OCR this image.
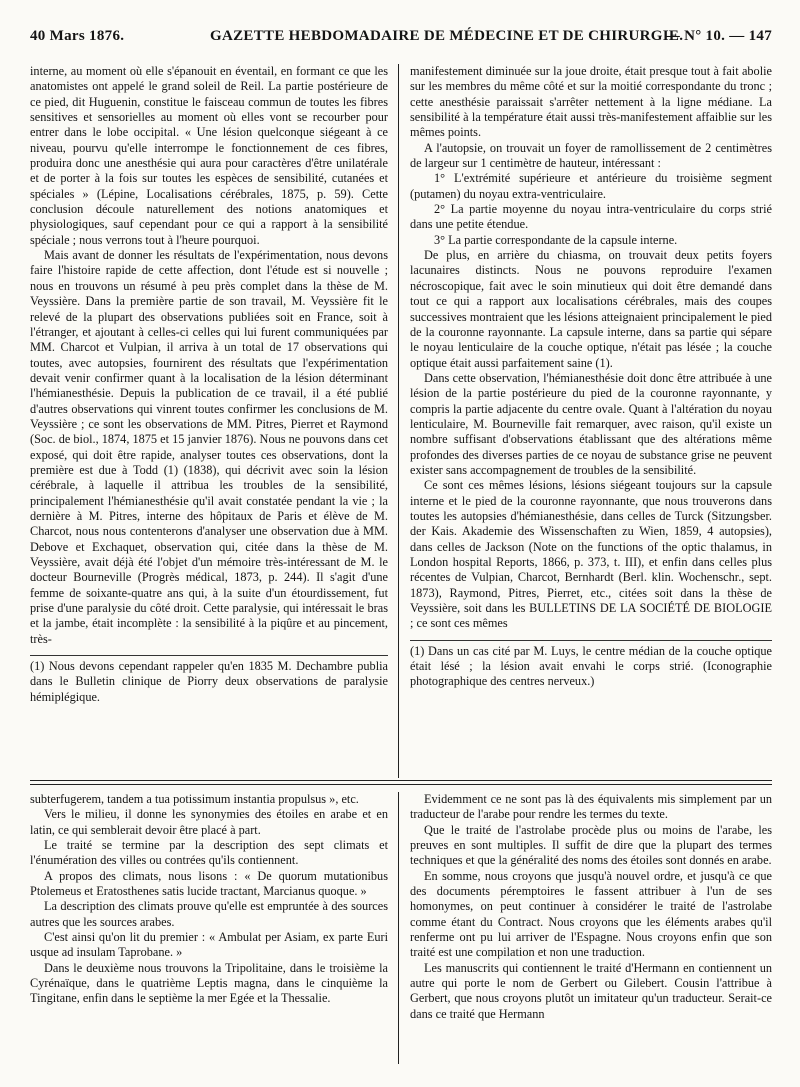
40 Mars 1876.	GAZETTE HEBDOMADAIRE DE MÉDECINE ET DE CHIRURGIE.
— N° 10. — 147

interne, au moment où elle s'épanouit en éventail, en formant ce que les anatomistes ont appelé le grand soleil de Reil. La partie postérieure de ce pied, dit Huguenin, constitue le faisceau commun de toutes les fibres sensitives et sensorielles au moment où elles vont se recourber pour entrer dans le lobe occipital. « Une lésion quelconque siégeant à ce niveau, pourvu qu'elle interrompe le fonctionnement de ces fibres, produira donc une anesthésie qui aura pour caractères d'être unilatérale et de porter à la fois sur toutes les espèces de sensibilité, cutanées et spéciales » (Lépine, Localisations cérébrales, 1875, p. 59). Cette conclusion découle naturellement des notions anatomiques et physiologiques, sauf cependant pour ce qui a rapport à la sensibilité spéciale ; nous verrons tout à l'heure pourquoi.

Mais avant de donner les résultats de l'expérimentation, nous devons faire l'histoire rapide de cette affection, dont l'étude est si nouvelle ; nous en trouvons un résumé à peu près complet dans la thèse de M. Veyssière. Dans la première partie de son travail, M. Veyssière fit le relevé de la plupart des observations publiées soit en France, soit à l'étranger, et ajoutant à celles-ci celles qui lui furent communiquées par MM. Charcot et Vulpian, il arriva à un total de 17 observations qui toutes, avec autopsies, fournirent des résultats que l'expérimentation devait venir confirmer quant à la localisation de la lésion déterminant l'hémianesthésie. Depuis la publication de ce travail, il a été publié d'autres observations qui vinrent toutes confirmer les conclusions de M. Veyssière ; ce sont les observations de MM. Pitres, Pierret et Raymond (Soc. de biol., 1874, 1875 et 15 janvier 1876). Nous ne pouvons dans cet exposé, qui doit être rapide, analyser toutes ces observations, dont la première est due à Todd (1) (1838), qui décrivit avec soin la lésion cérébrale, à laquelle il attribua les troubles de la sensibilité, principalement l'hémianesthésie qu'il avait constatée pendant la vie ; la dernière à M. Pitres, interne des hôpitaux de Paris et élève de M. Charcot, nous nous contenterons d'analyser une observation due à MM. Debove et Exchaquet, observation qui, citée dans la thèse de M. Veyssière, avait déjà été l'objet d'un mémoire très-intéressant de M. le docteur Bourneville (Progrès médical, 1873, p. 244). Il s'agit d'une femme de soixante-quatre ans qui, à la suite d'un étourdissement, fut prise d'une paralysie du côté droit. Cette paralysie, qui intéressait le bras et la jambe, était incomplète : la sensibilité à la piqûre et au pincement, très-

(1) Nous devons cependant rappeler qu'en 1835 M. Dechambre publia dans le Bulletin clinique de Piorry deux observations de paralysie hémiplégique.

manifestement diminuée sur la joue droite, était presque tout à fait abolie sur les membres du même côté et sur la moitié correspondante du tronc ; cette anesthésie paraissait s'arrêter nettement à la ligne médiane. La sensibilité à la température était aussi très-manifestement affaiblie sur les mêmes points.

A l'autopsie, on trouvait un foyer de ramollissement de 2 centimètres de largeur sur 1 centimètre de hauteur, intéressant :

1° L'extrémité supérieure et antérieure du troisième segment (putamen) du noyau extra-ventriculaire.

2° La partie moyenne du noyau intra-ventriculaire du corps strié dans une petite étendue.

3° La partie correspondante de la capsule interne.

De plus, en arrière du chiasma, on trouvait deux petits foyers lacunaires distincts. Nous ne pouvons reproduire l'examen nécroscopique, fait avec le soin minutieux qui doit être demandé dans tout ce qui a rapport aux localisations cérébrales, mais des coupes successives montraient que les lésions atteignaient principalement le pied de la couronne rayonnante. La capsule interne, dans sa partie qui sépare le noyau lenticulaire de la couche optique, n'était pas lésée ; la couche optique était aussi parfaitement saine (1).

Dans cette observation, l'hémianesthésie doit donc être attribuée à une lésion de la partie postérieure du pied de la couronne rayonnante, y compris la partie adjacente du centre ovale. Quant à l'altération du noyau lenticulaire, M. Bourneville fait remarquer, avec raison, qu'il existe un nombre suffisant d'observations établissant que des altérations même profondes des diverses parties de ce noyau de substance grise ne peuvent exister sans accompagnement de troubles de la sensibilité.

Ce sont ces mêmes lésions, lésions siégeant toujours sur la capsule interne et le pied de la couronne rayonnante, que nous trouverons dans toutes les autopsies d'hémianesthésie, dans celles de Turck (Sitzungsber. der Kais. Akademie des Wissenschaften zu Wien, 1859, 4 autopsies), dans celles de Jackson (Note on the functions of the optic thalamus, in London hospital Reports, 1866, p. 373, t. III), et enfin dans celles plus récentes de Vulpian, Charcot, Bernhardt (Berl. klin. Wochenschr., sept. 1873), Raymond, Pitres, Pierret, etc., citées soit dans la thèse de Veyssière, soit dans les BULLETINS DE LA SOCIÉTÉ DE BIOLOGIE ; ce sont ces mêmes

(1) Dans un cas cité par M. Luys, le centre médian de la couche optique était lésé ; la lésion avait envahi le corps strié. (Iconographie photographique des centres nerveux.)

subterfugerem, tandem a tua potissimum instantia propulsus », etc.

Vers le milieu, il donne les synonymies des étoiles en arabe et en latin, ce qui semblerait devoir être placé à part.

Le traité se termine par la description des sept climats et l'énumération des villes ou contrées qu'ils contiennent.

A propos des climats, nous lisons : « De quorum mutationibus Ptolemeus et Eratosthenes satis lucide tractant, Marcianus quoque. »

La description des climats prouve qu'elle est empruntée à des sources autres que les sources arabes.

C'est ainsi qu'on lit du premier : « Ambulat per Asiam, ex parte Euri usque ad insulam Taprobane. »

Dans le deuxième nous trouvons la Tripolitaine, dans le troisième la Cyrénaïque, dans le quatrième Leptis magna, dans le cinquième la Tingitane, enfin dans le septième la mer Egée et la Thessalie.

Evidemment ce ne sont pas là des équivalents mis simplement par un traducteur de l'arabe pour rendre les termes du texte.

Que le traité de l'astrolabe procède plus ou moins de l'arabe, les preuves en sont multiples. Il suffit de dire que la plupart des termes techniques et que la généralité des noms des étoiles sont donnés en arabe.

En somme, nous croyons que jusqu'à nouvel ordre, et jusqu'à ce que des documents péremptoires le fassent attribuer à l'un de ses homonymes, on peut continuer à considérer le traité de l'astrolabe comme étant du Contract. Nous croyons que les éléments arabes qu'il renferme ont pu lui arriver de l'Espagne. Nous croyons enfin que son traité est une compilation et non une traduction.

Les manuscrits qui contiennent le traité d'Hermann en contiennent un autre qui porte le nom de Gerbert ou Gilebert. Cousin l'attribue à Gerbert, que nous croyons plutôt un imitateur qu'un traducteur. Serait-ce dans ce traité que Hermann
